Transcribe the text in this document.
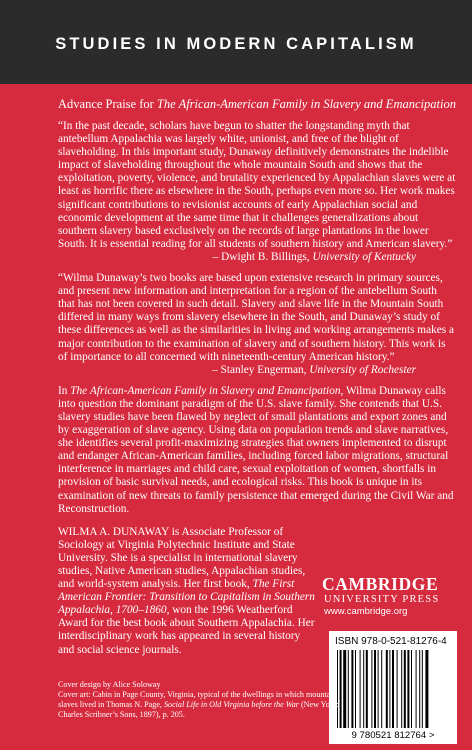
STUDIES IN MODERN CAPITALISM
Advance Praise for The African-American Family in Slavery and Emancipation
“In the past decade, scholars have begun to shatter the longstanding myth that antebellum Appalachia was largely white, unionist, and free of the blight of slaveholding. In this important study, Dunaway definitively demonstrates the indelible impact of slaveholding throughout the whole mountain South and shows that the exploitation, poverty, violence, and brutality experienced by Appalachian slaves were at least as horrific there as elsewhere in the South, perhaps even more so. Her work makes significant contributions to revisionist accounts of early Appalachian social and economic development at the same time that it challenges generalizations about southern slavery based exclusively on the records of large plantations in the lower South. It is essential reading for all students of southern history and American slavery.”
– Dwight B. Billings, University of Kentucky
“Wilma Dunaway’s two books are based upon extensive research in primary sources, and present new information and interpretation for a region of the antebellum South that has not been covered in such detail. Slavery and slave life in the Mountain South differed in many ways from slavery elsewhere in the South, and Dunaway’s study of these differences as well as the similarities in living and working arrangements makes a major contribution to the examination of slavery and of southern history. This work is of importance to all concerned with nineteenth-century American history.”
– Stanley Engerman, University of Rochester
In The African-American Family in Slavery and Emancipation, Wilma Dunaway calls into question the dominant paradigm of the U.S. slave family. She contends that U.S. slavery studies have been flawed by neglect of small plantations and export zones and by exaggeration of slave agency. Using data on population trends and slave narratives, she identifies several profit-maximizing strategies that owners implemented to disrupt and endanger African-American families, including forced labor migrations, structural interference in marriages and child care, sexual exploitation of women, shortfalls in provision of basic survival needs, and ecological risks. This book is unique in its examination of new threats to family persistence that emerged during the Civil War and Reconstruction.
WILMA A. DUNAWAY is Associate Professor of Sociology at Virginia Polytechnic Institute and State University. She is a specialist in international slavery studies, Native American studies, Appalachian studies, and world-system analysis. Her first book, The First American Frontier: Transition to Capitalism in Southern Appalachia, 1700–1860, won the 1996 Weatherford Award for the best book about Southern Appalachia. Her interdisciplinary work has appeared in several history and social science journals.
CAMBRIDGE
UNIVERSITY PRESS
www.cambridge.org
ISBN 978-0-521-81276-4
9 780521 812764 >
Cover design by Alice Soloway
Cover art: Cabin in Page County, Virginia, typical of the dwellings in which mountain slaves lived in Thomas N. Page, Social Life in Old Virginia before the War (New York: Charles Scribner’s Sons, 1897), p. 205.
